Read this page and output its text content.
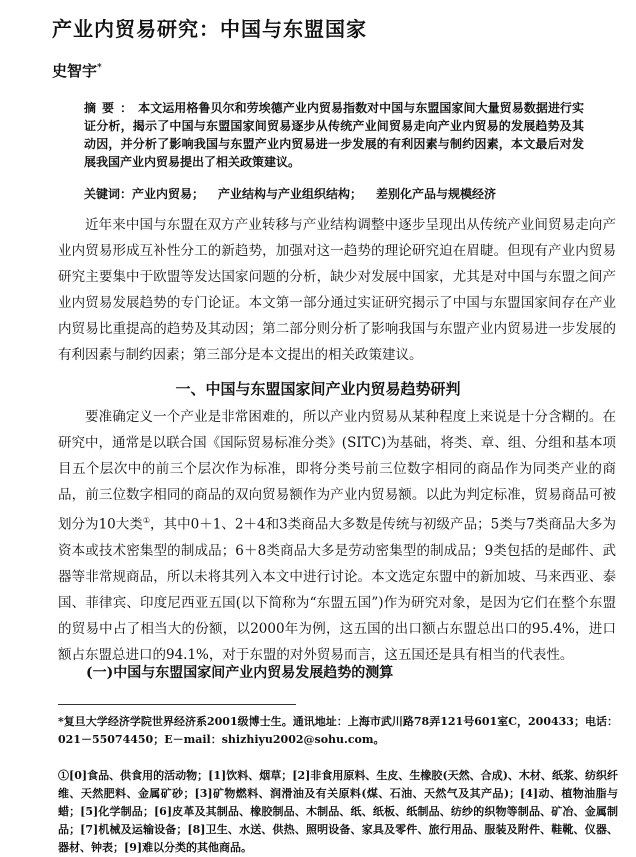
产业内贸易研究：中国与东盟国家
史智宇*
摘要：本文运用格鲁贝尔和劳埃德产业内贸易指数对中国与东盟国家间大量贸易数据进行实证分析，揭示了中国与东盟国家间贸易逐步从传统产业间贸易走向产业内贸易的发展趋势及其动因，并分析了影响我国与东盟产业内贸易进一步发展的有利因素与制约因素，本文最后对发展我国产业内贸易提出了相关政策建议。
关键词：产业内贸易； 产业结构与产业组织结构； 差别化产品与规模经济

近年来中国与东盟在双方产业转移与产业结构调整中逐步呈现出从传统产业间贸易走向产业内贸易形成互补性分工的新趋势，加强对这一趋势的理论研究迫在眉睫。但现有产业内贸易研究主要集中于欧盟等发达国家问题的分析，缺少对发展中国家，尤其是对中国与东盟之间产业内贸易发展趋势的专门论证。本文第一部分通过实证研究揭示了中国与东盟国家间存在产业内贸易比重提高的趋势及其动因；第二部分则分析了影响我国与东盟产业内贸易进一步发展的有利因素与制约因素；第三部分是本文提出的相关政策建议。

一、中国与东盟国家间产业内贸易趋势研判

要准确定义一个产业是非常困难的，所以产业内贸易从某种程度上来说是十分含糊的。在研究中，通常是以联合国《国际贸易标准分类》(SITC)为基础，将类、章、组、分组和基本项目五个层次中的前三个层次作为标准，即将分类号前三位数字相同的商品作为同类产业的商品，前三位数字相同的商品的双向贸易额作为产业内贸易额。以此为判定标准，贸易商品可被划分为10大类①，其中0＋1、2＋4和3类商品大多数是传统与初级产品；5类与7类商品大多为资本或技术密集型的制成品；6＋8类商品大多是劳动密集型的制成品；9类包括的是邮件、武器等非常规商品，所以未将其列入本文中进行讨论。本文选定东盟中的新加坡、马来西亚、泰国、菲律宾、印度尼西亚五国(以下简称为“东盟五国”)作为研究对象，是因为它们在整个东盟的贸易中占了相当大的份额，以2000年为例，这五国的出口额占东盟总出口的95.4%，进口额占东盟总进口的94.1%，对于东盟的对外贸易而言，这五国还是具有相当的代表性。

(一)中国与东盟国家间产业内贸易发展趋势的测算
*复旦大学经济学院世界经济系2001级博士生。通讯地址：上海市武川路78弄121号601室C，200433；电话：021－55074450；E－mail：shizhiyu2002@sohu.com。
①[0]食品、供食用的活动物；[1]饮料、烟草；[2]非食用原料、生皮、生橡胶(天然、合成)、木材、纸浆、纺织纤维、天然肥料、金属矿砂；[3]矿物燃料、润滑油及有关原料(煤、石油、天然气及其产品)；[4]动、植物油脂与蜡；[5]化学制品；[6]皮革及其制品、橡胶制品、木制品、纸、纸板、纸制品、纺纱的织物等制品、矿冶、金属制品；[7]机械及运输设备；[8]卫生、水送、供热、照明设备、家具及零件、旅行用品、服装及附件、鞋靴、仪器、器材、钟表；[9]难以分类的其他商品。
